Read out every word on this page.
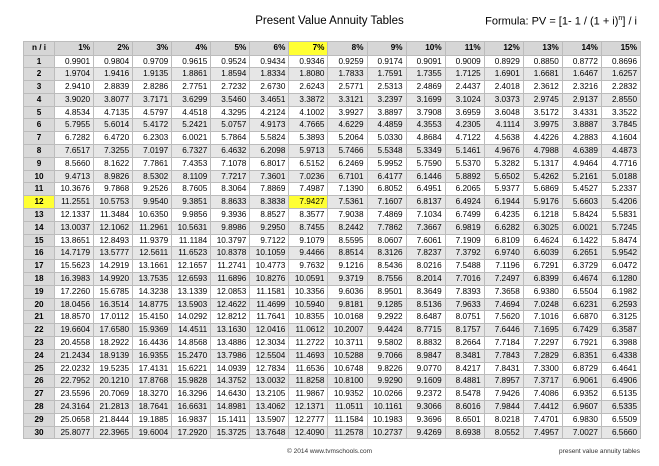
Present Value Annuity Tables	Formula: PV = [1- $1 / (1 + i)^n] / i$
n / i	1%	2%	3%	4%	5%	6%	7%	8%	9%	10%	11%	12%	13%	14%	15%
1	0.9901	0.9804	0.9709	0.9615	0.9524	0.9434	0.9346	0.9259	0.9174	0.9091	0.9009	0.8929	0.8850	0.8772	0.8696
2	1.9704	1.9416	1.9135	1.8861	1.8594	1.8334	1.8080	1.7833	1.7591	1.7355	1.7125	1.6901	1.6681	1.6467	1.6257
3	2.9410	2.8839	2.8286	2.7751	2.7232	2.6730	2.6243	2.5771	2.5313	2.4869	2.4437	2.4018	2.3612	2.3216	2.2832
4	3.9020	3.8077	3.7171	3.6299	3.5460	3.4651	3.3872	3.3121	3.2397	3.1699	3.1024	3.0373	2.9745	2.9137	2.8550
5	4.8534	4.7135	4.5797	4.4518	4.3295	4.2124	4.1002	3.9927	3.8897	3.7908	3.6959	3.6048	3.5172	3.4331	3.3522
6	5.7955	5.6014	5.4172	5.2421	5.0757	4.9173	4.7665	4.6229	4.4859	4.3553	4.2305	4.1114	3.9975	3.8887	3.7845
7	6.7282	6.4720	6.2303	6.0021	5.7864	5.5824	5.3893	5.2064	5.0330	4.8684	4.7122	4.5638	4.4226	4.2883	4.1604
8	7.6517	7.3255	7.0197	6.7327	6.4632	6.2098	5.9713	5.7466	5.5348	5.3349	5.1461	4.9676	4.7988	4.6389	4.4873
9	8.5660	8.1622	7.7861	7.4353	7.1078	6.8017	6.5152	6.2469	5.9952	5.7590	5.5370	5.3282	5.1317	4.9464	4.7716
10	9.4713	8.9826	8.5302	8.1109	7.7217	7.3601	7.0236	6.7101	6.4177	6.1446	5.8892	5.6502	5.4262	5.2161	5.0188
11	10.3676	9.7868	9.2526	8.7605	8.3064	7.8869	7.4987	7.1390	6.8052	6.4951	6.2065	5.9377	5.6869	5.4527	5.2337
12	11.2551	10.5753	9.9540	9.3851	8.8633	8.3838	7.9427	7.5361	7.1607	6.8137	6.4924	6.1944	5.9176	5.6603	5.4206
13	12.1337	11.3484	10.6350	9.9856	9.3936	8.8527	8.3577	7.9038	7.4869	7.1034	6.7499	6.4235	6.1218	5.8424	5.5831
14	13.0037	12.1062	11.2961	10.5631	9.8986	9.2950	8.7455	8.2442	7.7862	7.3667	6.9819	6.6282	6.3025	6.0021	5.7245
15	13.8651	12.8493	11.9379	11.1184	10.3797	9.7122	9.1079	8.5595	8.0607	7.6061	7.1909	6.8109	6.4624	6.1422	5.8474
16	14.7179	13.5777	12.5611	11.6523	10.8378	10.1059	9.4466	8.8514	8.3126	7.8237	7.3792	6.9740	6.6039	6.2651	5.9542
17	15.5623	14.2919	13.1661	12.1657	11.2741	10.4773	9.7632	9.1216	8.5436	8.0216	7.5488	7.1196	6.7291	6.3729	6.0472
18	16.3983	14.9920	13.7535	12.6593	11.6896	10.8276	10.0591	9.3719	8.7556	8.2014	7.7016	7.2497	6.8399	6.4674	6.1280
19	17.2260	15.6785	14.3238	13.1339	12.0853	11.1581	10.3356	9.6036	8.9501	8.3649	7.8393	7.3658	6.9380	6.5504	6.1982
20	18.0456	16.3514	14.8775	13.5903	12.4622	11.4699	10.5940	9.8181	9.1285	8.5136	7.9633	7.4694	7.0248	6.6231	6.2593
21	18.8570	17.0112	15.4150	14.0292	12.8212	11.7641	10.8355	10.0168	9.2922	8.6487	8.0751	7.5620	7.1016	6.6870	6.3125
22	19.6604	17.6580	15.9369	14.4511	13.1630	12.0416	11.0612	10.2007	9.4424	8.7715	8.1757	7.6446	7.1695	6.7429	6.3587
23	20.4558	18.2922	16.4436	14.8568	13.4886	12.3034	11.2722	10.3711	9.5802	8.8832	8.2664	7.7184	7.2297	6.7921	6.3988
24	21.2434	18.9139	16.9355	15.2470	13.7986	12.5504	11.4693	10.5288	9.7066	8.9847	8.3481	7.7843	7.2829	6.8351	6.4338
25	22.0232	19.5235	17.4131	15.6221	14.0939	12.7834	11.6536	10.6748	9.8226	9.0770	8.4217	7.8431	7.3300	6.8729	6.4641
26	22.7952	20.1210	17.8768	15.9828	14.3752	13.0032	11.8258	10.8100	9.9290	9.1609	8.4881	7.8957	7.3717	6.9061	6.4906
27	23.5596	20.7069	18.3270	16.3296	14.6430	13.2105	11.9867	10.9352	10.0266	9.2372	8.5478	7.9426	7.4086	6.9352	6.5135
28	24.3164	21.2813	18.7641	16.6631	14.8981	13.4062	12.1371	11.0511	10.1161	9.3066	8.6016	7.9844	7.4412	6.9607	6.5335
29	25.0658	21.8444	19.1885	16.9837	15.1411	13.5907	12.2777	11.1584	10.1983	9.3696	8.6501	8.0218	7.4701	6.9830	6.5509
30	25.8077	22.3965	19.6004	17.2920	15.3725	13.7648	12.4090	11.2578	10.2737	9.4269	8.6938	8.0552	7.4957	7.0027	6.5660
© 2014 www.tvmschools.com	present value annuity tables
